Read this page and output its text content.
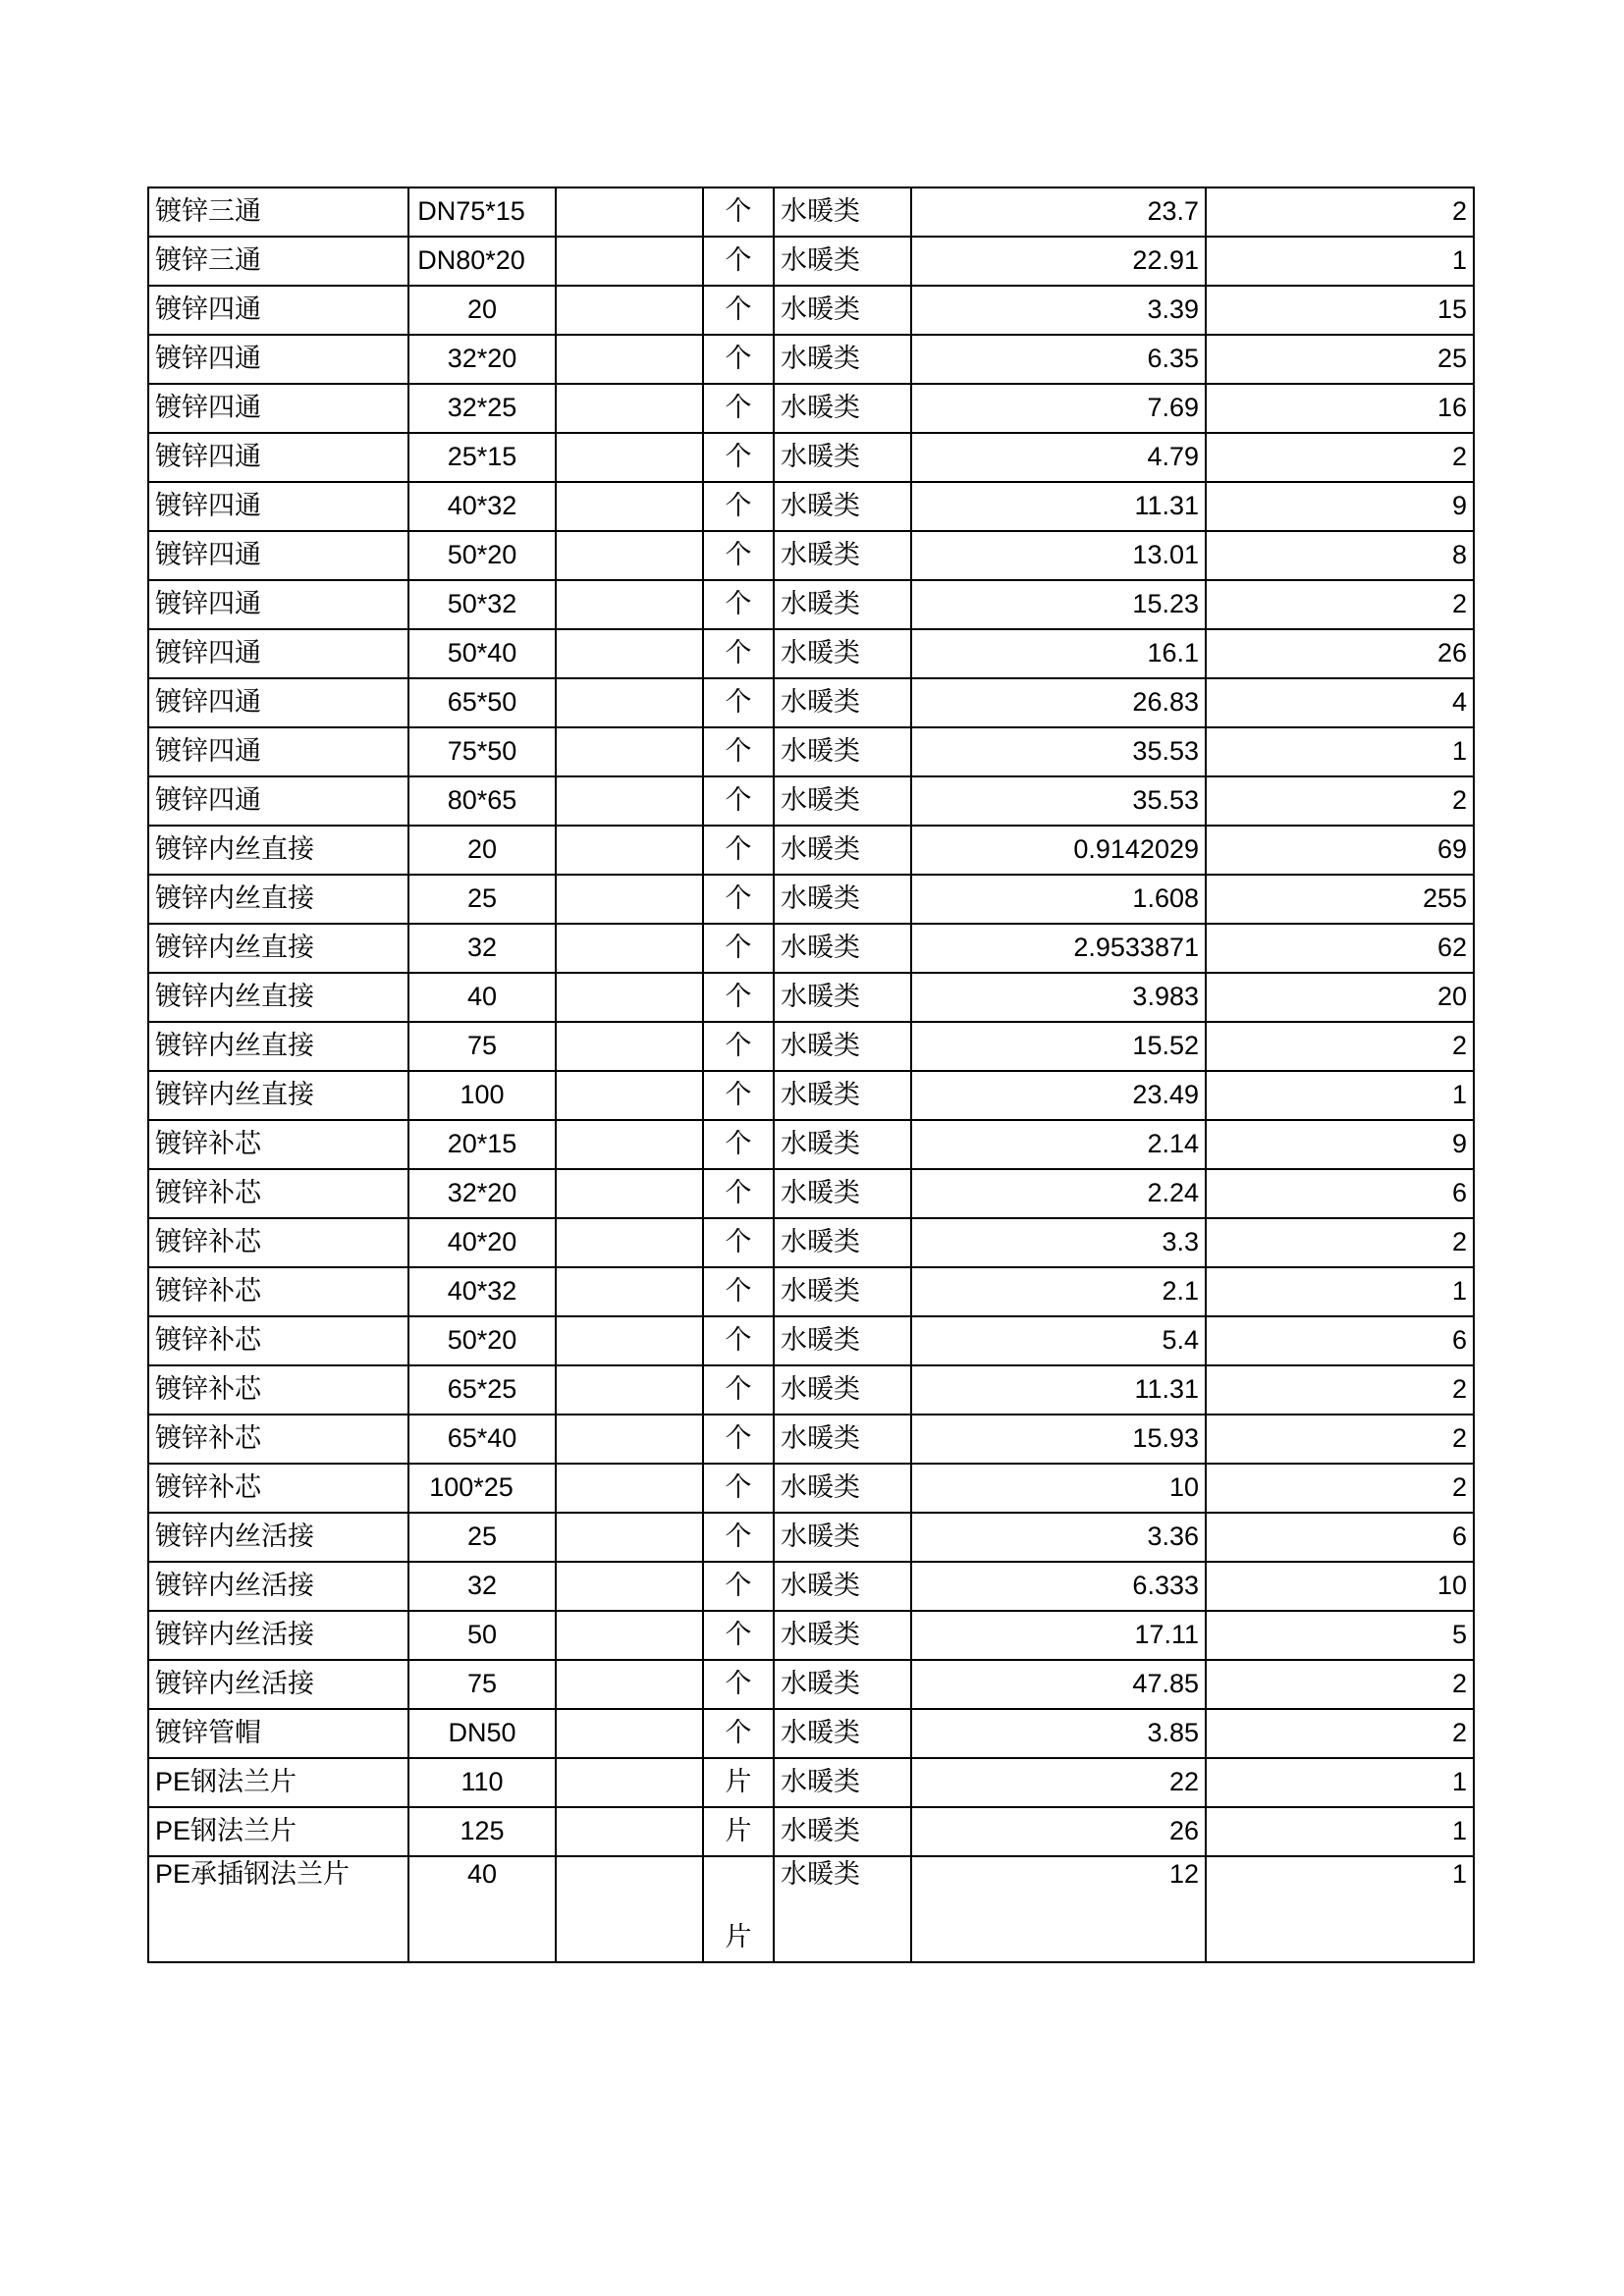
镀锌三通	DN75*15		个	水暖类	23.7	2
镀锌三通	DN80*20		个	水暖类	22.91	1
镀锌四通	20		个	水暖类	3.39	15
镀锌四通	32*20		个	水暖类	6.35	25
镀锌四通	32*25		个	水暖类	7.69	16
镀锌四通	25*15		个	水暖类	4.79	2
镀锌四通	40*32		个	水暖类	11.31	9
镀锌四通	50*20		个	水暖类	13.01	8
镀锌四通	50*32		个	水暖类	15.23	2
镀锌四通	50*40		个	水暖类	16.1	26
镀锌四通	65*50		个	水暖类	26.83	4
镀锌四通	75*50		个	水暖类	35.53	1
镀锌四通	80*65		个	水暖类	35.53	2
镀锌内丝直接	20		个	水暖类	0.9142029	69
镀锌内丝直接	25		个	水暖类	1.608	255
镀锌内丝直接	32		个	水暖类	2.9533871	62
镀锌内丝直接	40		个	水暖类	3.983	20
镀锌内丝直接	75		个	水暖类	15.52	2
镀锌内丝直接	100		个	水暖类	23.49	1
镀锌补芯	20*15		个	水暖类	2.14	9
镀锌补芯	32*20		个	水暖类	2.24	6
镀锌补芯	40*20		个	水暖类	3.3	2
镀锌补芯	40*32		个	水暖类	2.1	1
镀锌补芯	50*20		个	水暖类	5.4	6
镀锌补芯	65*25		个	水暖类	11.31	2
镀锌补芯	65*40		个	水暖类	15.93	2
镀锌补芯	100*25		个	水暖类	10	2
镀锌内丝活接	25		个	水暖类	3.36	6
镀锌内丝活接	32		个	水暖类	6.333	10
镀锌内丝活接	50		个	水暖类	17.11	5
镀锌内丝活接	75		个	水暖类	47.85	2
镀锌管帽	DN50		个	水暖类	3.85	2
PE钢法兰片	110		片	水暖类	22	1
PE钢法兰片	125		片	水暖类	26	1
PE承插钢法兰片	40		片	水暖类	12	1
